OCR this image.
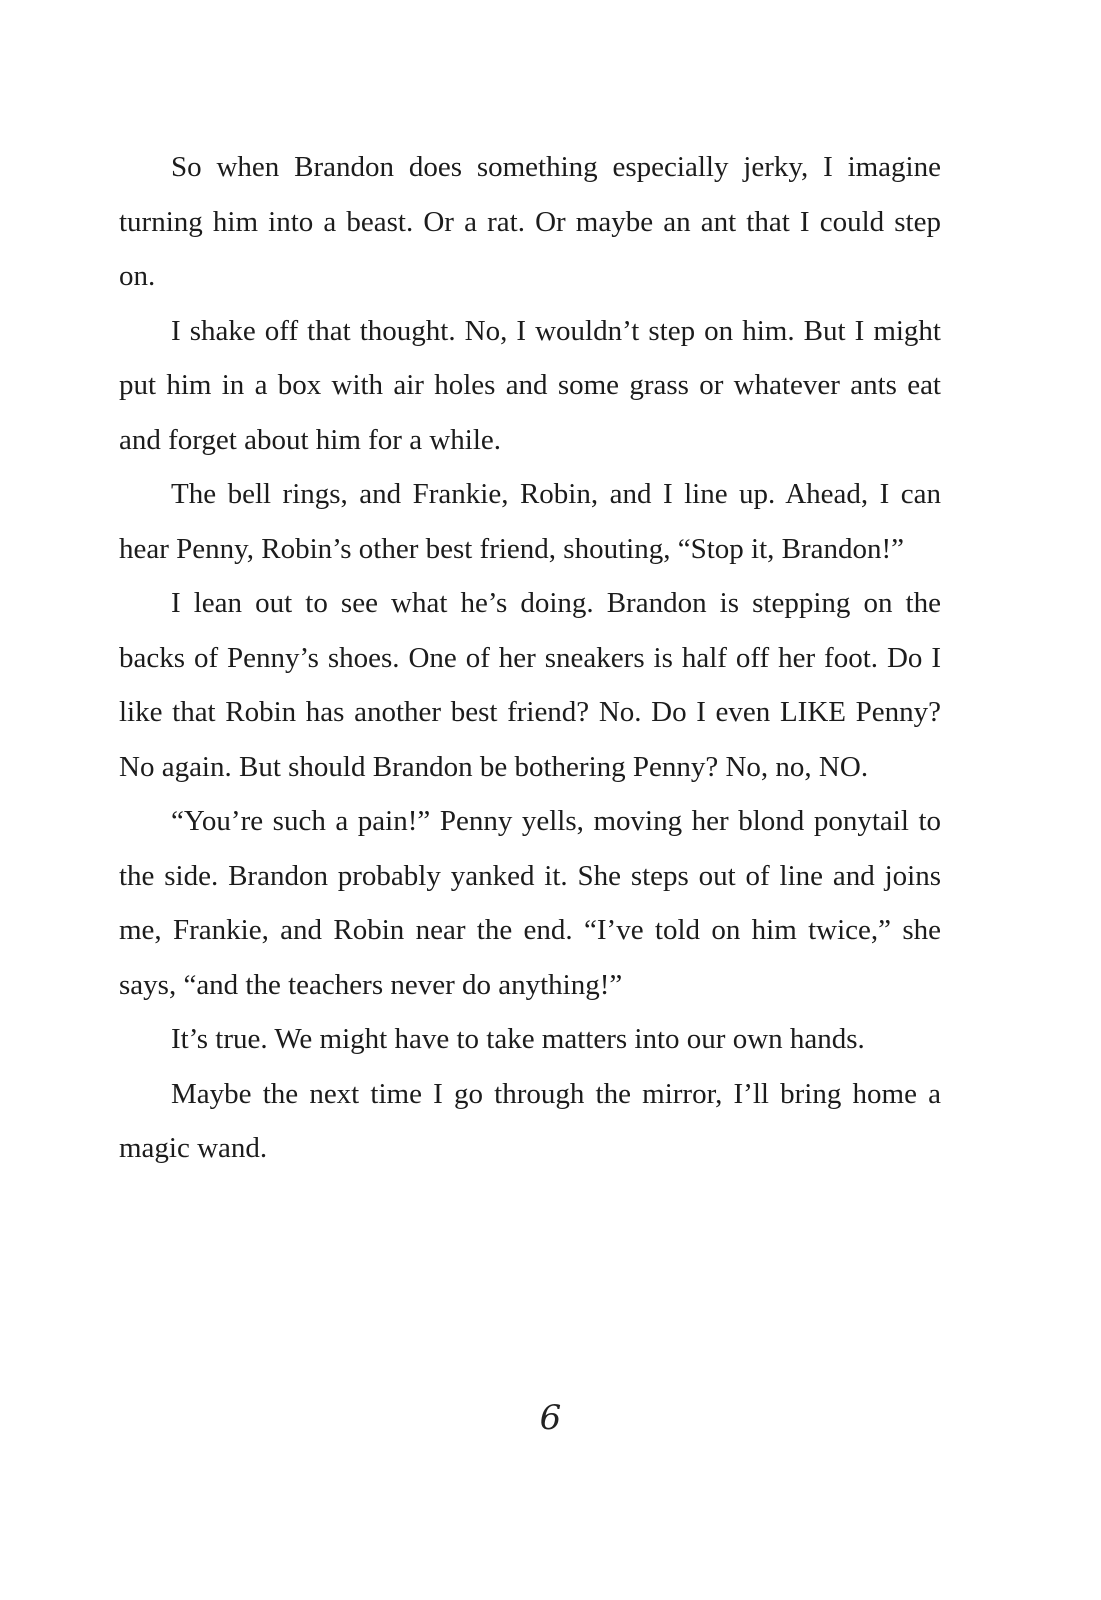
So when Brandon does something especially jerky, I imagine turning him into a beast. Or a rat. Or maybe an ant that I could step on.

I shake off that thought. No, I wouldn’t step on him. But I might put him in a box with air holes and some grass or whatever ants eat and forget about him for a while.

The bell rings, and Frankie, Robin, and I line up. Ahead, I can hear Penny, Robin’s other best friend, shouting, “Stop it, Brandon!”

I lean out to see what he’s doing. Brandon is stepping on the backs of Penny’s shoes. One of her sneakers is half off her foot. Do I like that Robin has another best friend? No. Do I even LIKE Penny? No again. But should Brandon be bothering Penny? No, no, NO.

“You’re such a pain!” Penny yells, moving her blond ponytail to the side. Brandon probably yanked it. She steps out of line and joins me, Frankie, and Robin near the end. “I’ve told on him twice,” she says, “and the teachers never do anything!”

It’s true. We might have to take matters into our own hands.

Maybe the next time I go through the mirror, I’ll bring home a magic wand.

6
